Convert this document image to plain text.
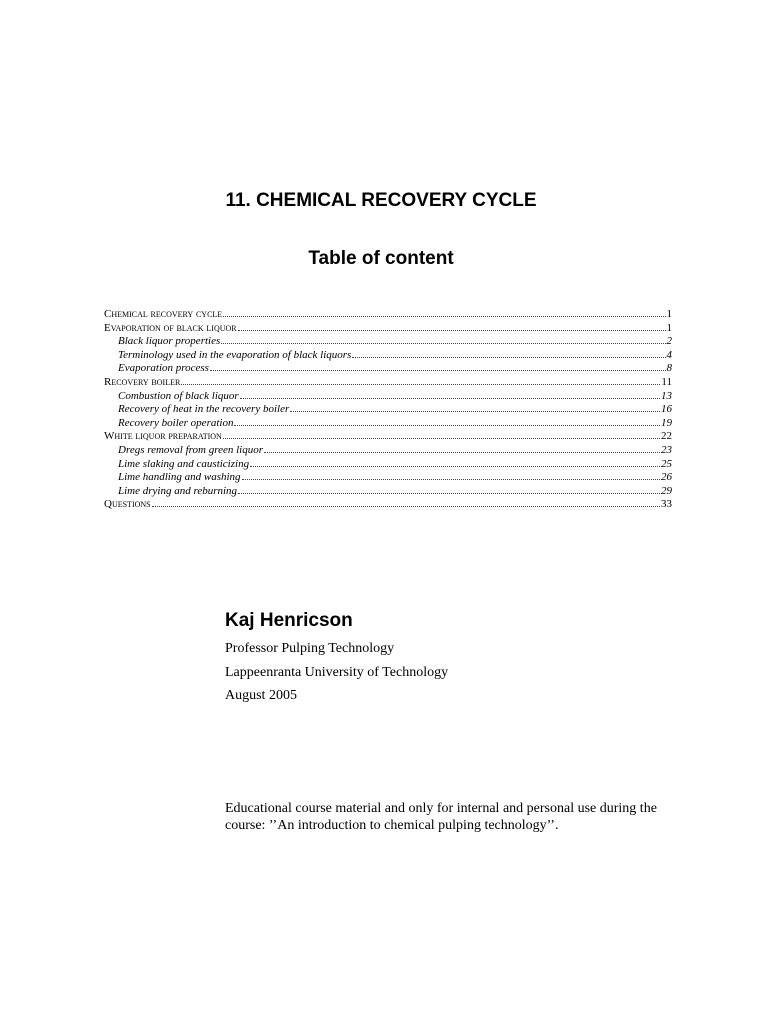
11. CHEMICAL RECOVERY CYCLE
Table of content
Chemical recovery cycle	1
Evaporation of black liquor	1
Black liquor properties	2
Terminology used in the evaporation of black liquors	4
Evaporation process	8
Recovery boiler	11
Combustion of black liquor	13
Recovery of heat in the recovery boiler	16
Recovery boiler operation	19
White liquor preparation	22
Dregs removal from green liquor	23
Lime slaking and causticizing	25
Lime handling and washing	26
Lime drying and reburning	29
Questions	33
Kaj Henricson
Professor Pulping Technology
Lappeenranta University of Technology
August 2005
Educational course material and only for internal and personal use during the course: ’’An introduction to chemical pulping technology’’.
